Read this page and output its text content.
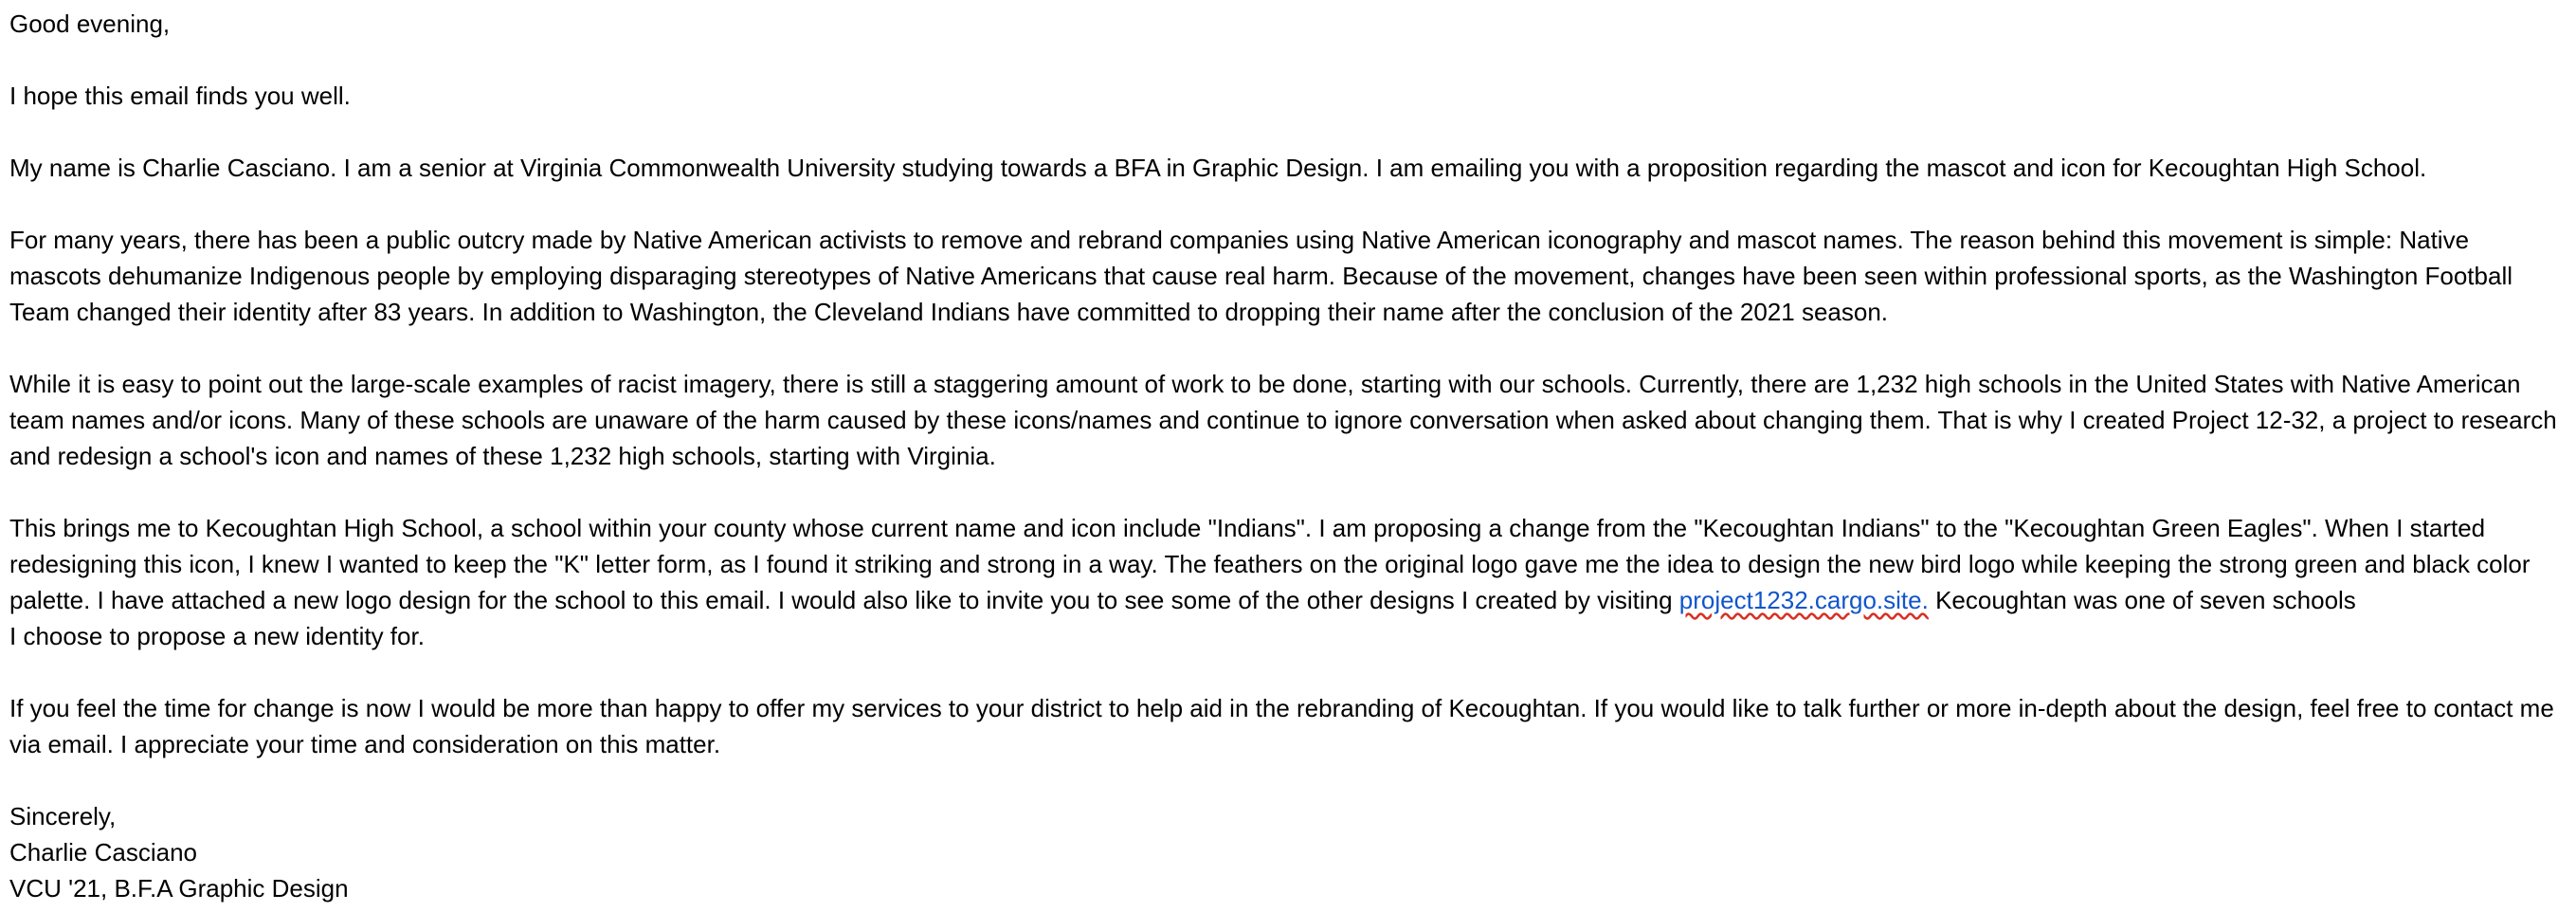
Good evening,

I hope this email finds you well.

My name is Charlie Casciano. I am a senior at Virginia Commonwealth University studying towards a BFA in Graphic Design. I am emailing you with a proposition regarding the mascot and icon for Kecoughtan High School.

For many years, there has been a public outcry made by Native American activists to remove and rebrand companies using Native American iconography and mascot names. The reason behind this movement is simple: Native
mascots dehumanize Indigenous people by employing disparaging stereotypes of Native Americans that cause real harm. Because of the movement, changes have been seen within professional sports, as the Washington Football
Team changed their identity after 83 years. In addition to Washington, the Cleveland Indians have committed to dropping their name after the conclusion of the 2021 season.

While it is easy to point out the large-scale examples of racist imagery, there is still a staggering amount of work to be done, starting with our schools. Currently, there are 1,232 high schools in the United States with Native American
team names and/or icons. Many of these schools are unaware of the harm caused by these icons/names and continue to ignore conversation when asked about changing them. That is why I created Project 12-32, a project to research
and redesign a school's icon and names of these 1,232 high schools, starting with Virginia.

This brings me to Kecoughtan High School, a school within your county whose current name and icon include "Indians". I am proposing a change from the "Kecoughtan Indians" to the "Kecoughtan Green Eagles". When I started
redesigning this icon, I knew I wanted to keep the "K" letter form, as I found it striking and strong in a way. The feathers on the original logo gave me the idea to design the new bird logo while keeping the strong green and black color
palette. I have attached a new logo design for the school to this email. I would also like to invite you to see some of the other designs I created by visiting project1232.cargo.site. Kecoughtan was one of seven schools
I choose to propose a new identity for.

If you feel the time for change is now I would be more than happy to offer my services to your district to help aid in the rebranding of Kecoughtan. If you would like to talk further or more in-depth about the design, feel free to contact me
via email. I appreciate your time and consideration on this matter.

Sincerely,
Charlie Casciano
VCU '21, B.F.A Graphic Design
